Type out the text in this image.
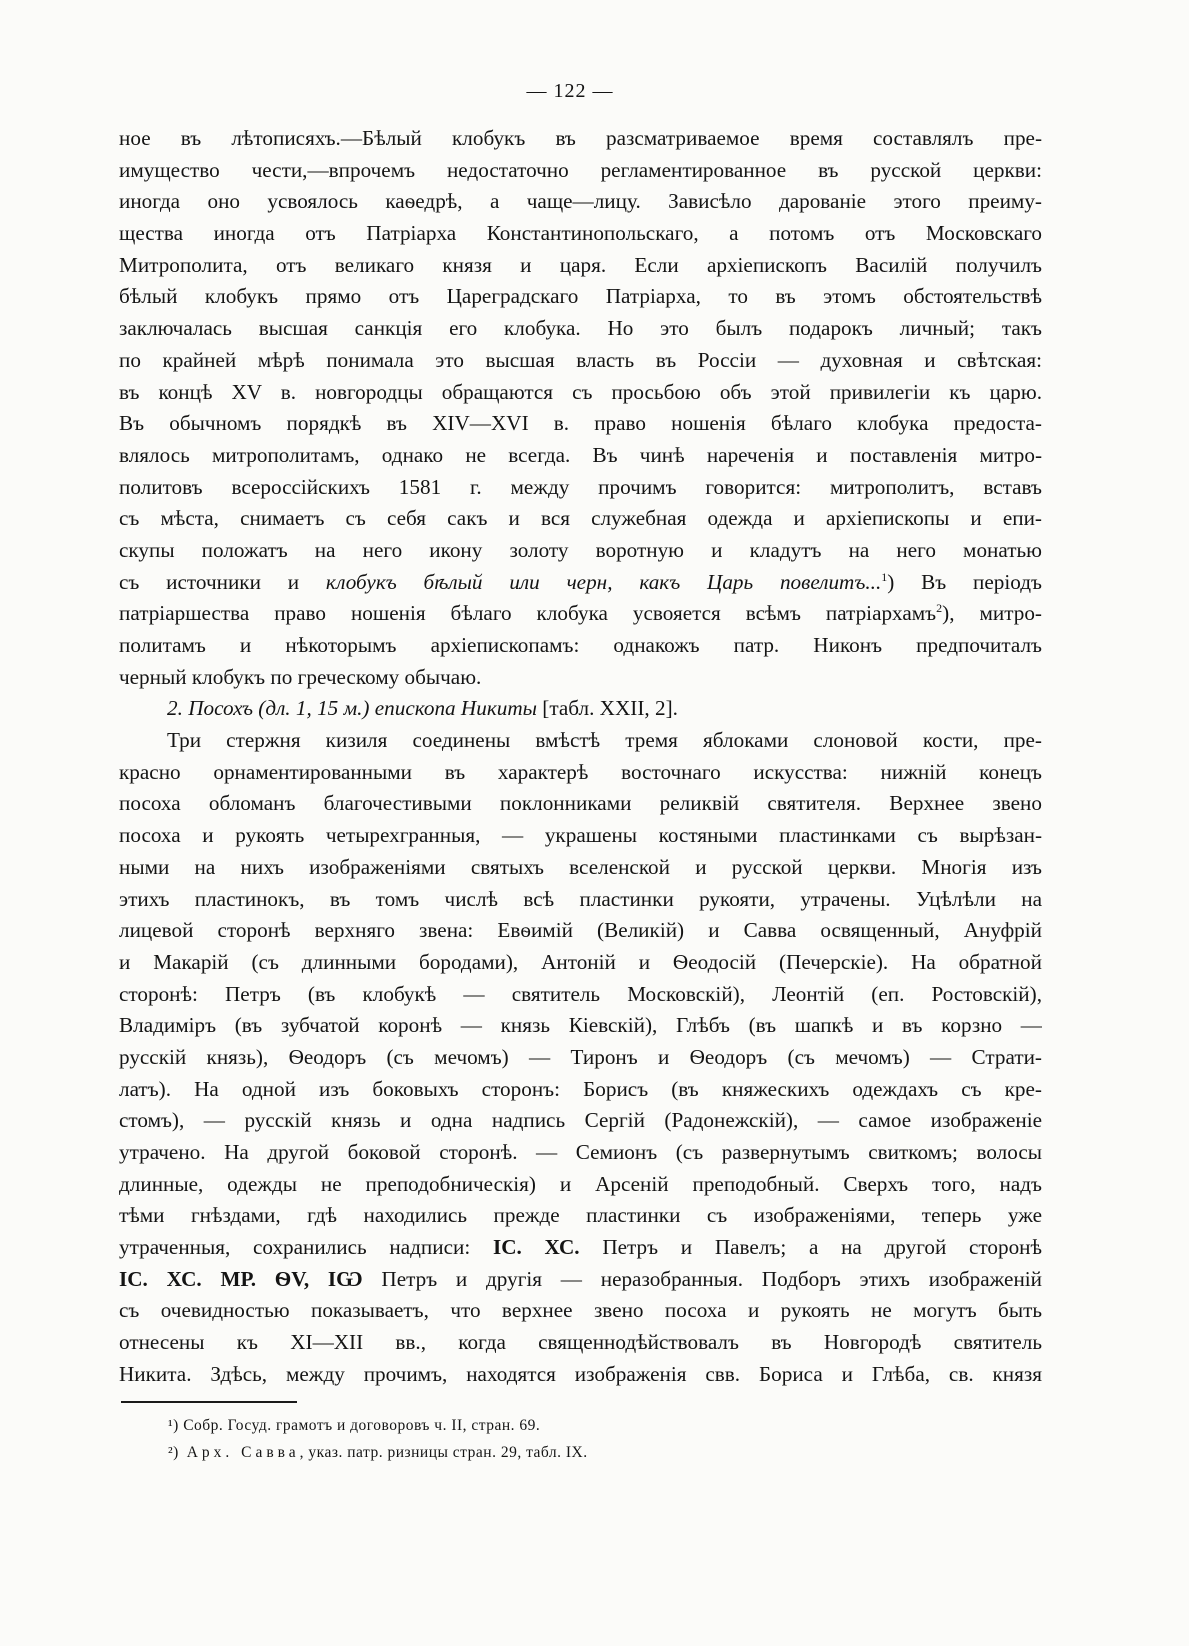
— 122 —
ное въ лѣтописяхъ.—Бѣлый клобукъ въ разсматриваемое время составлялъ пре-
имущество чести,—впрочемъ недостаточно регламентированное въ русской церкви:
иногда оно усвоялось каѳедрѣ, а чаще—лицу. Зависѣло дарованіе этого преиму-
щества иногда отъ Патріарха Константинопольскаго, а потомъ отъ Московскаго
Митрополита, отъ великаго князя и царя. Если архіепископъ Василій получилъ
бѣлый клобукъ прямо отъ Цареградскаго Патріарха, то въ этомъ обстоятельствѣ
заключалась высшая санкція его клобука. Но это былъ подарокъ личный; такъ
по крайней мѣрѣ понимала это высшая власть въ Россіи — духовная и свѣтская:
въ концѣ XV в. новгородцы обращаются съ просьбою объ этой привилегіи къ царю.
Въ обычномъ порядкѣ въ XIV—XVI в. право ношенія бѣлаго клобука предоста-
влялось митрополитамъ, однако не всегда. Въ чинѣ нареченія и поставленія митро-
политовъ всероссійскихъ 1581 г. между прочимъ говорится: митрополитъ, вставъ
съ мѣста, снимаетъ съ себя сакъ и вся служебная одежда и архіепископы и епи-
скупы положатъ на него икону золоту воротную и кладутъ на него монатью
съ источники и клобукъ бѣлый или черн, какъ Царь повелитъ...$^1$) Въ періодъ
патріаршества право ношенія бѣлаго клобука усвояется всѣмъ патріархамъ$^2$), митро-
политамъ и нѣкоторымъ архіепископамъ: однакожъ патр. Никонъ предпочиталъ
черный клобукъ по греческому обычаю.
2. Посохъ (дл. 1, 15 м.) епископа Никиты [табл. XXII, 2].
Три стержня кизиля соединены вмѣстѣ тремя яблоками слоновой кости, пре-
красно орнаментированными въ характерѣ восточнаго искусства: нижній конецъ
посоха обломанъ благочестивыми поклонниками реликвій святителя. Верхнее звено
посоха и рукоять четырехгранныя, — украшены костяными пластинками съ вырѣзан-
ными на нихъ изображеніями святыхъ вселенской и русской церкви. Многія изъ
этихъ пластинокъ, въ томъ числѣ всѣ пластинки рукояти, утрачены. Уцѣлѣли на
лицевой сторонѣ верхняго звена: Евѳимій (Великій) и Савва освященный, Ануфрій
и Макарій (съ длинными бородами), Антоній и Ѳеодосій (Печерскіе). На обратной
сторонѣ: Петръ (въ клобукѣ — святитель Московскій), Леонтій (еп. Ростовскій),
Владиміръ (въ зубчатой коронѣ — князь Кіевскій), Глѣбъ (въ шапкѣ и въ корзно —
русскій князь), Ѳеодоръ (съ мечомъ) — Тиронъ и Ѳеодоръ (съ мечомъ) — Страти-
латъ). На одной изъ боковыхъ сторонъ: Борисъ (въ княжескихъ одеждахъ съ кре-
стомъ), — русскій князь и одна надпись Сергій (Радонежскій), — самое изображеніе
утрачено. На другой боковой сторонѣ. — Семионъ (съ развернутымъ свиткомъ; волосы
длинные, одежды не преподобническія) и Арсеній преподобный. Сверхъ того, надъ
тѣми гнѣздами, гдѣ находились прежде пластинки съ изображеніями, теперь уже
утраченныя, сохранились надписи: ІС. ХС. Петръ и Павелъ; а на другой сторонѣ
ІС. ХС. МР. ѲV, ІѠ Петръ и другія — неразобранныя. Подборъ этихъ изображеній
съ очевидностью показываетъ, что верхнее звено посоха и рукоять не могутъ быть
отнесены къ XI—XII вв., когда священнодѣйствовалъ въ Новгородѣ святитель
Никита. Здѣсь, между прочимъ, находятся изображенія свв. Бориса и Глѣба, св. князя
¹) Собр. Госуд. грамотъ и договоровъ ч. II, стран. 69.
²) Арх. Савва, указ. патр. ризницы стран. 29, табл. IX.
